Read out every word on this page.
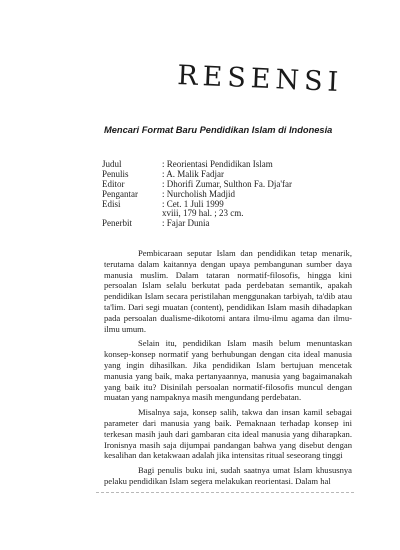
RESENSI
Mencari Format Baru Pendidikan Islam di Indonesia
Judul	: Reorientasi Pendidikan Islam
Penulis	: A. Malik Fadjar
Editor	: Dhorifi Zumar, Sulthon Fa. Dja'far
Pengantar	: Nurcholish Madjid
Edisi	: Cet. 1 Juli 1999
xviii, 179 hal. ; 23 cm.
Penerbit	: Fajar Dunia

Pembicaraan seputar Islam dan pendidikan tetap menarik, terutama dalam kaitannya dengan upaya pembangunan sumber daya manusia muslim. Dalam tataran normatif-filosofis, hingga kini persoalan Islam selalu berkutat pada perdebatan semantik, apakah pendidikan Islam secara peristilahan menggunakan tarbiyah, ta'dib atau ta'lim. Dari segi muatan (content), pendidikan Islam masih dihadapkan pada persoalan dualisme-dikotomi antara ilmu-ilmu agama dan ilmu-ilmu umum.

Selain itu, pendidikan Islam masih belum menuntaskan konsep-konsep normatif yang berhubungan dengan cita ideal manusia yang ingin dihasilkan. Jika pendidikan Islam bertujuan mencetak manusia yang baik, maka pertanyaannya, manusia yang bagaimanakah yang baik itu? Disinilah persoalan normatif-filosofis muncul dengan muatan yang nampaknya masih mengundang perdebatan.

Misalnya saja, konsep salih, takwa dan insan kamil sebagai parameter dari manusia yang baik. Pemaknaan terhadap konsep ini terkesan masih jauh dari gambaran cita ideal manusia yang diharapkan. Ironisnya masih saja dijumpai pandangan bahwa yang disebut dengan kesalihan dan ketakwaan adalah jika intensitas ritual seseorang tinggi

Bagi penulis buku ini, sudah saatnya umat Islam khususnya pelaku pendidikan Islam segera melakukan reorientasi. Dalam hal
